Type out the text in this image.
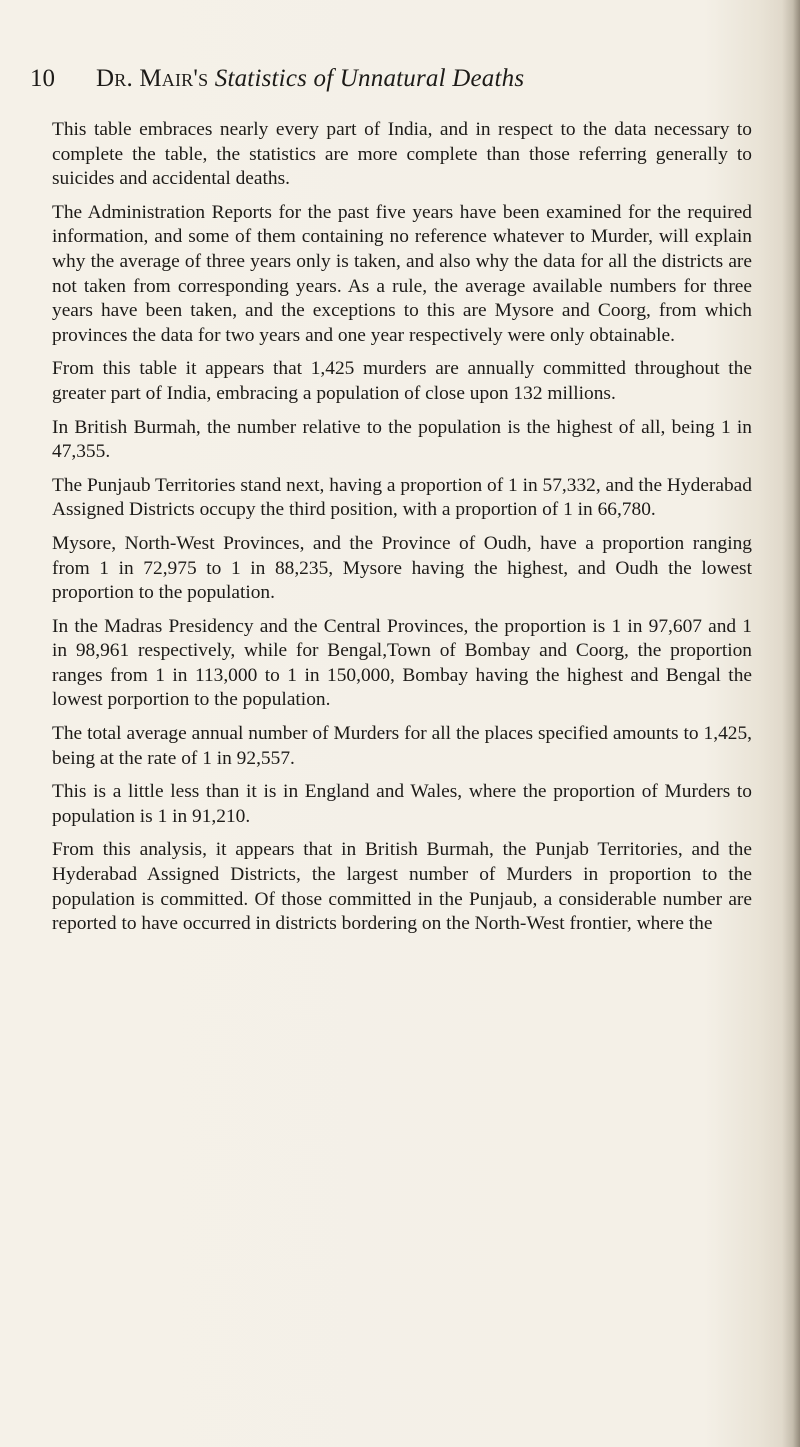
10 Dr. Mair's Statistics of Unnatural Deaths

This table embraces nearly every part of India, and in respect to the data necessary to complete the table, the statistics are more complete than those referring generally to suicides and accidental deaths.

The Administration Reports for the past five years have been examined for the required information, and some of them containing no reference whatever to Murder, will explain why the average of three years only is taken, and also why the data for all the districts are not taken from corresponding years. As a rule, the average available numbers for three years have been taken, and the exceptions to this are Mysore and Coorg, from which provinces the data for two years and one year respectively were only obtainable.

From this table it appears that 1,425 murders are annually committed throughout the greater part of India, embracing a population of close upon 132 millions.

In British Burmah, the number relative to the population is the highest of all, being 1 in 47,355.

The Punjaub Territories stand next, having a proportion of 1 in 57,332, and the Hyderabad Assigned Districts occupy the third position, with a proportion of 1 in 66,780.

Mysore, North-West Provinces, and the Province of Oudh, have a proportion ranging from 1 in 72,975 to 1 in 88,235, Mysore having the highest, and Oudh the lowest proportion to the population.

In the Madras Presidency and the Central Provinces, the proportion is 1 in 97,607 and 1 in 98,961 respectively, while for Bengal,Town of Bombay and Coorg, the proportion ranges from 1 in 113,000 to 1 in 150,000, Bombay having the highest and Bengal the lowest porportion to the population.

The total average annual number of Murders for all the places specified amounts to 1,425, being at the rate of 1 in 92,557.

This is a little less than it is in England and Wales, where the proportion of Murders to population is 1 in 91,210.

From this analysis, it appears that in British Burmah, the Punjab Territories, and the Hyderabad Assigned Districts, the largest number of Murders in proportion to the population is committed. Of those committed in the Punjaub, a considerable number are reported to have occurred in districts bordering on the North-West frontier, where the
